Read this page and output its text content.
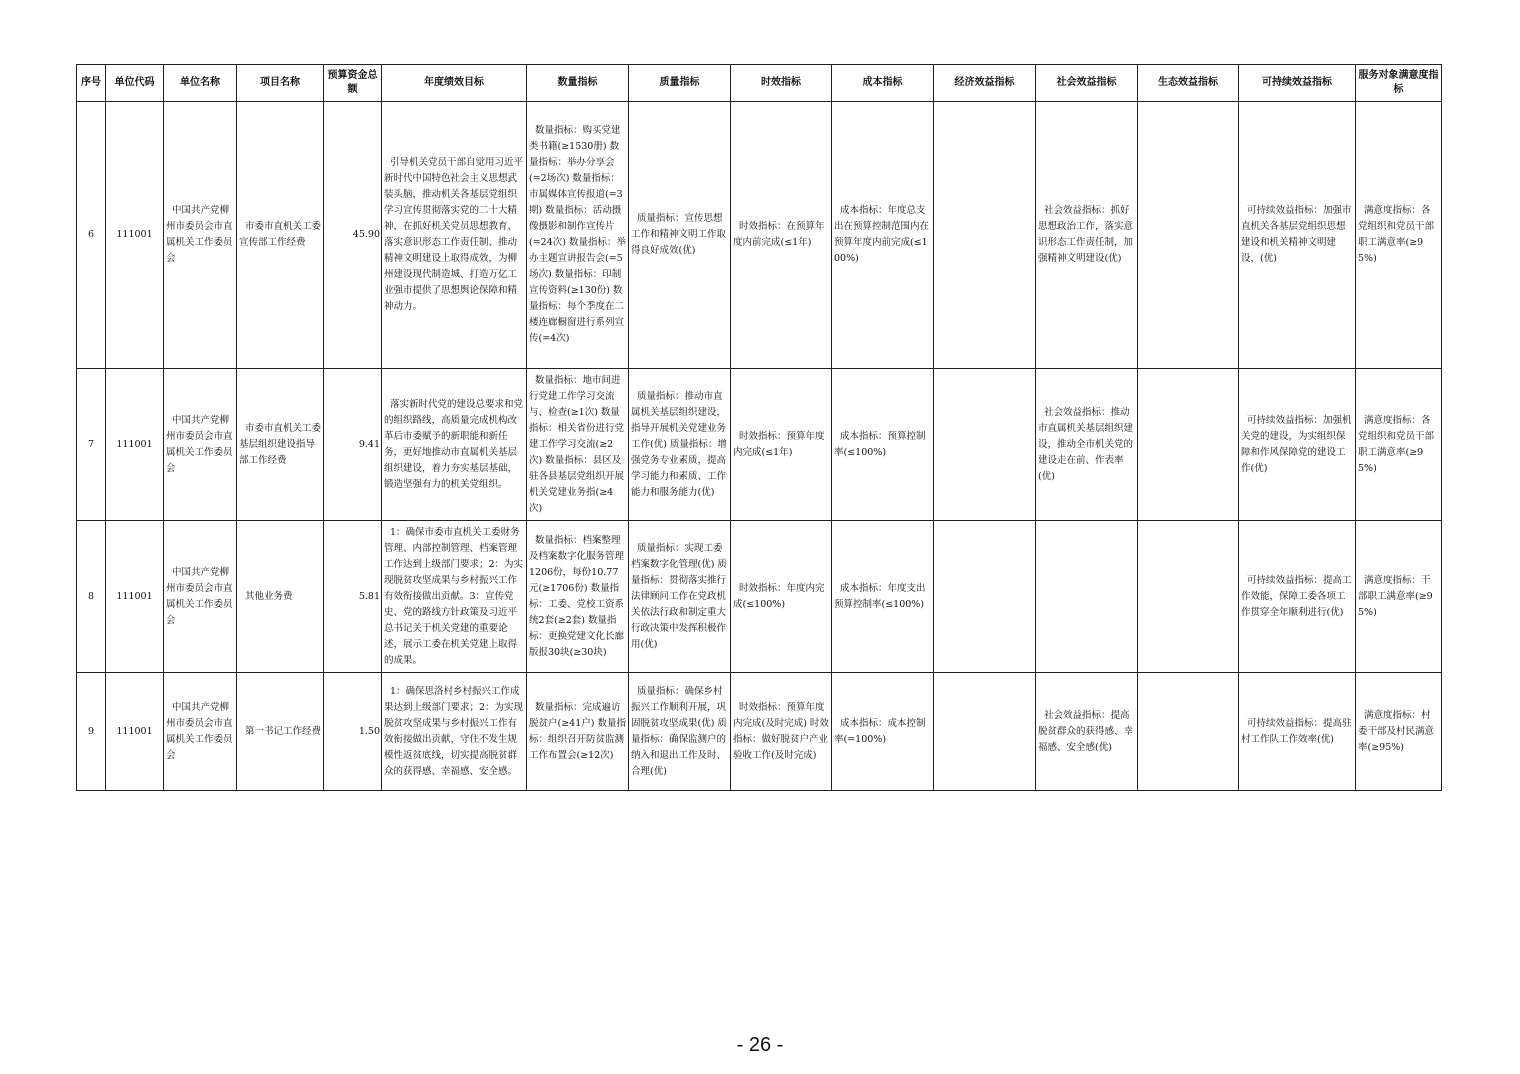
序号	单位代码	单位名称	项目名称	预算资金总额	年度绩效目标	数量指标	质量指标	时效指标	成本指标	经济效益指标	社会效益指标	生态效益指标	可持续效益指标	服务对象满意度指标
6	111001	中国共产党柳州市委员会市直属机关工作委员会	市委市直机关工委宣传部工作经费	45.90	引导机关党员干部自觉用习近平新时代中国特色社会主义思想武装头脑，推动机关各基层党组织学习宣传贯彻落实党的二十大精神，在抓好机关党员思想教育、落实意识形态工作责任制、推动精神文明建设上取得成效，为柳州建设现代制造城、打造万亿工业强市提供了思想舆论保障和精神动力。	数量指标：购买党建类书籍(≥1530册) 数量指标：举办分享会(=2场次) 数量指标：市属媒体宣传报道(=3期) 数量指标：活动摄像摄影和制作宣传片(=24次) 数量指标：举办主题宣讲报告会(=5场次) 数量指标：印制宣传资料(≥130份) 数量指标：每个季度在二楼连廊橱窗进行系列宣传(=4次)	质量指标：宣传思想工作和精神文明工作取得良好成效(优)	时效指标：在预算年度内前完成(≤1年)	成本指标：年度总支出在预算控制范围内在预算年度内前完成(≤100%)		社会效益指标：抓好思想政治工作，落实意识形态工作责任制，加强精神文明建设(优)		可持续效益指标：加强市直机关各基层党组织思想建设和机关精神文明建设，(优)	满意度指标：各党组织和党员干部职工满意率(≥95%)
7	111001	中国共产党柳州市委员会市直属机关工作委员会	市委市直机关工委基层组织建设指导部工作经费	9.41	落实新时代党的建设总要求和党的组织路线，高质量完成机构改革后市委赋予的新职能和新任务，更好地推动市直属机关基层组织建设，着力夯实基层基础，锻造坚强有力的机关党组织。	数量指标：地市间进行党建工作学习交流与、检查(≥1次) 数量指标：相关省份进行党建工作学习交流(≥2次) 数量指标：县区及驻各县基层党组织开展机关党建业务指(≥4次)	质量指标：推动市直属机关基层组织建设，指导开展机关党建业务工作(优) 质量指标：增强党务专业素质，提高学习能力和素质、工作能力和服务能力(优)	时效指标：预算年度内完成(≤1年)	成本指标：预算控制率(≤100%)		社会效益指标：推动市直属机关基层组织建设，推动全市机关党的建设走在前、作表率(优)		可持续效益指标：加强机关党的建设，为实组织保障和作风保障党的建设工作(优)	满意度指标：各党组织和党员干部职工满意率(≥95%)
8	111001	中国共产党柳州市委员会市直属机关工作委员会	其他业务费	5.81	1：确保市委市直机关工委财务管理、内部控制管理、档案管理工作达到上级部门要求；2：为实现脱贫攻坚成果与乡村振兴工作有效衔接做出贡献。3：宣传党史、党的路线方针政策及习近平总书记关于机关党建的重要论述，展示工委在机关党建上取得的成果。	数量指标：档案整理及档案数字化服务管理1206份，每份10.77元(≥1706份) 数量指标：工委、党校工资系统2套(≥2套) 数量指标：更换党建文化长廊版报30块(≥30块)	质量指标：实现工委档案数字化管理(优) 质量指标：贯彻落实推行法律顾问工作在党政机关依法行政和制定重大行政决策中发挥积极作用(优)	时效指标：年度内完成(≤100%)	成本指标：年度支出预算控制率(≤100%)				可持续效益指标：提高工作效能，保障工委各项工作贯穿全年顺利进行(优)	满意度指标：干部职工满意率(≥95%)
9	111001	中国共产党柳州市委员会市直属机关工作委员会	第一书记工作经费	1.50	1：确保思洛村乡村振兴工作成果达到上级部门要求；2：为实现脱贫攻坚成果与乡村振兴工作有效衔接做出贡献，守住不发生规模性返贫底线，切实提高脱贫群众的获得感、幸福感、安全感。	数量指标：完成遍访脱贫户(≥41户) 数量指标：组织召开防贫监测工作布置会(≥12次)	质量指标：确保乡村振兴工作顺利开展，巩固脱贫攻坚成果(优) 质量指标：确保监测户的纳入和退出工作及时、合理(优)	时效指标：预算年度内完成(及时完成) 时效指标：做好脱贫户产业验收工作(及时完成)	成本指标：成本控制率(=100%)		社会效益指标：提高脱贫群众的获得感、幸福感、安全感(优)		可持续效益指标：提高驻村工作队工作效率(优)	满意度指标：村委干部及村民满意率(≥95%)
- 26 -
